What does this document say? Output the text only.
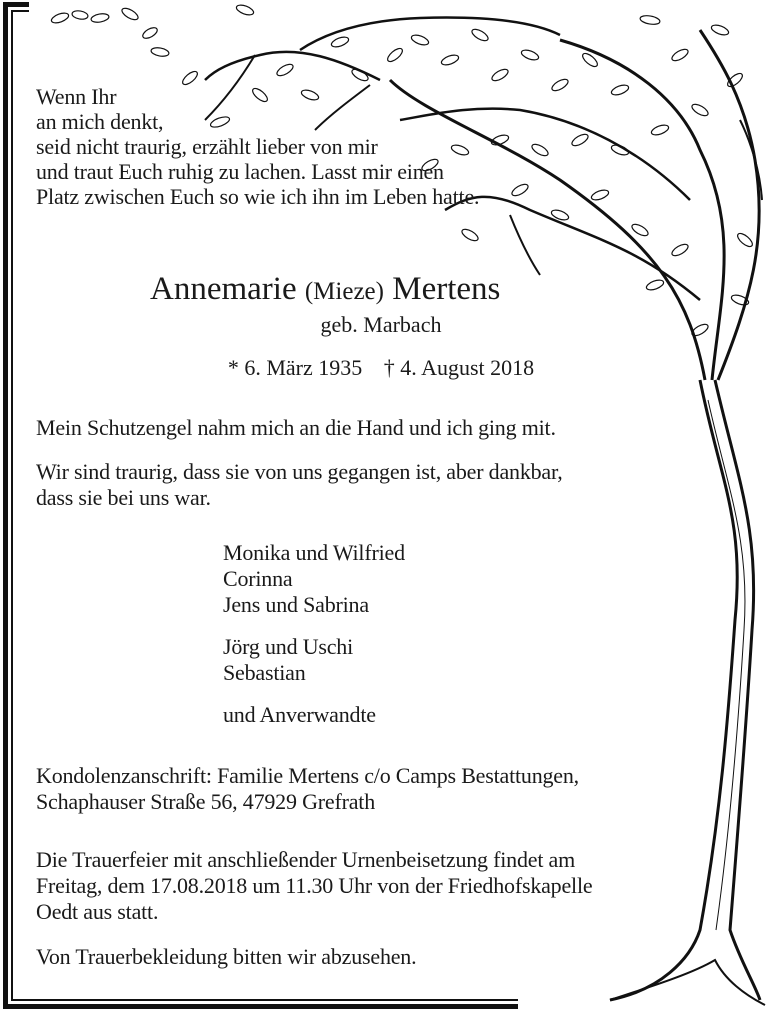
Wenn Ihr
an mich denkt,
seid nicht traurig, erzählt lieber von mir
und traut Euch ruhig zu lachen. Lasst mir einen
Platz zwischen Euch so wie ich ihn im Leben hatte.
Annemarie (Mieze) Mertens
geb. Marbach
* 6. März 1935 † 4. August 2018
Mein Schutzengel nahm mich an die Hand und ich ging mit.
Wir sind traurig, dass sie von uns gegangen ist, aber dankbar,
dass sie bei uns war.
Monika und Wilfried
Corinna
Jens und Sabrina
Jörg und Uschi
Sebastian
und Anverwandte
Kondolenzanschrift: Familie Mertens c/o Camps Bestattungen,
Schaphauser Straße 56, 47929 Grefrath
Die Trauerfeier mit anschließender Urnenbeisetzung findet am
Freitag, dem 17.08.2018 um 11.30 Uhr von der Friedhofskapelle
Oedt aus statt.
Von Trauerbekleidung bitten wir abzusehen.
